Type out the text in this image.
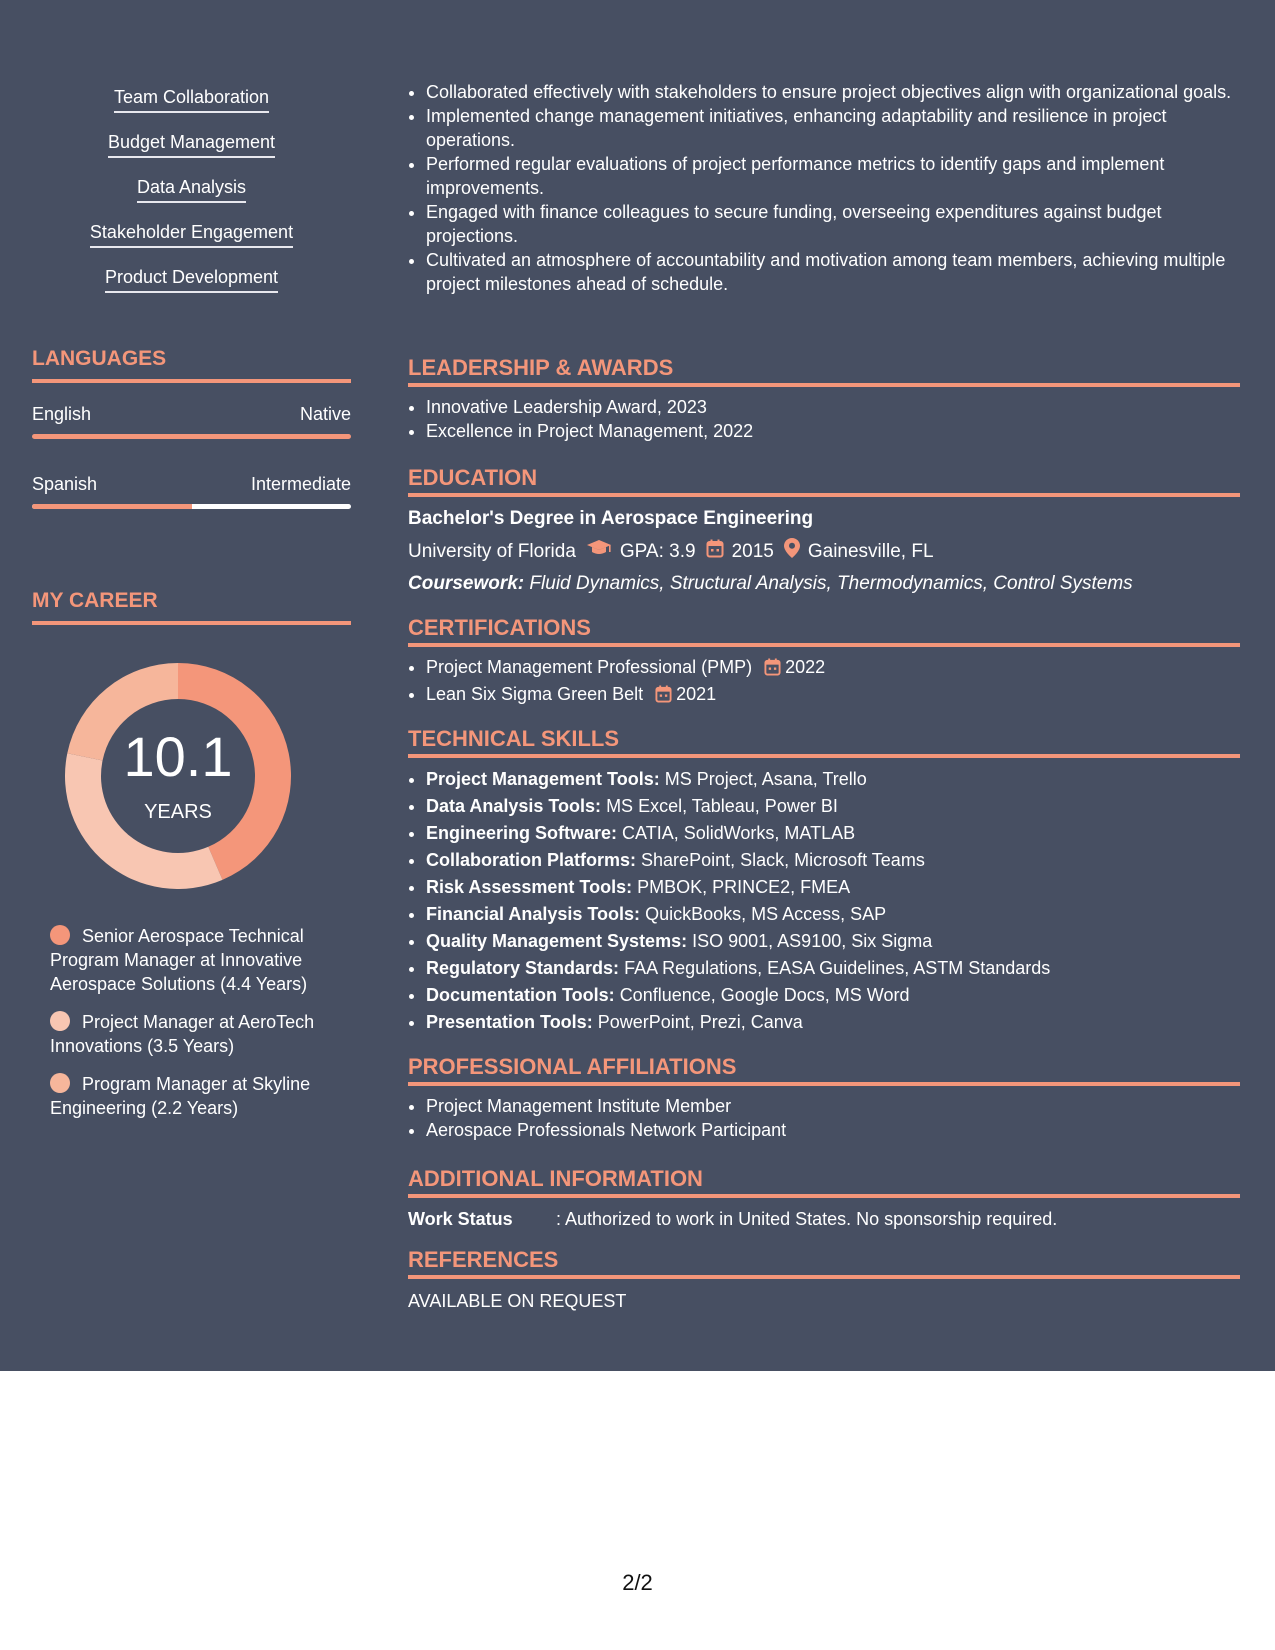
Team Collaboration
Budget Management
Data Analysis
Stakeholder Engagement
Product Development
LANGUAGES
English	Native
Spanish	Intermediate
MY CAREER
10.1
YEARS
Senior Aerospace Technical Program Manager at Innovative Aerospace Solutions (4.4 Years)
Project Manager at AeroTech Innovations (3.5 Years)
Program Manager at Skyline Engineering (2.2 Years)
• Collaborated effectively with stakeholders to ensure project objectives align with organizational goals.
• Implemented change management initiatives, enhancing adaptability and resilience in project operations.
• Performed regular evaluations of project performance metrics to identify gaps and implement improvements.
• Engaged with finance colleagues to secure funding, overseeing expenditures against budget projections.
• Cultivated an atmosphere of accountability and motivation among team members, achieving multiple project milestones ahead of schedule.
LEADERSHIP & AWARDS
• Innovative Leadership Award, 2023
• Excellence in Project Management, 2022
EDUCATION
Bachelor's Degree in Aerospace Engineering
University of Florida GPA: 3.9 2015 Gainesville, FL
Coursework: Fluid Dynamics, Structural Analysis, Thermodynamics, Control Systems
CERTIFICATIONS
• Project Management Professional (PMP) 2022
• Lean Six Sigma Green Belt 2021
TECHNICAL SKILLS
• Project Management Tools: MS Project, Asana, Trello
• Data Analysis Tools: MS Excel, Tableau, Power BI
• Engineering Software: CATIA, SolidWorks, MATLAB
• Collaboration Platforms: SharePoint, Slack, Microsoft Teams
• Risk Assessment Tools: PMBOK, PRINCE2, FMEA
• Financial Analysis Tools: QuickBooks, MS Access, SAP
• Quality Management Systems: ISO 9001, AS9100, Six Sigma
• Regulatory Standards: FAA Regulations, EASA Guidelines, ASTM Standards
• Documentation Tools: Confluence, Google Docs, MS Word
• Presentation Tools: PowerPoint, Prezi, Canva
PROFESSIONAL AFFILIATIONS
• Project Management Institute Member
• Aerospace Professionals Network Participant
ADDITIONAL INFORMATION
Work Status : Authorized to work in United States. No sponsorship required.
REFERENCES
AVAILABLE ON REQUEST
2/2
